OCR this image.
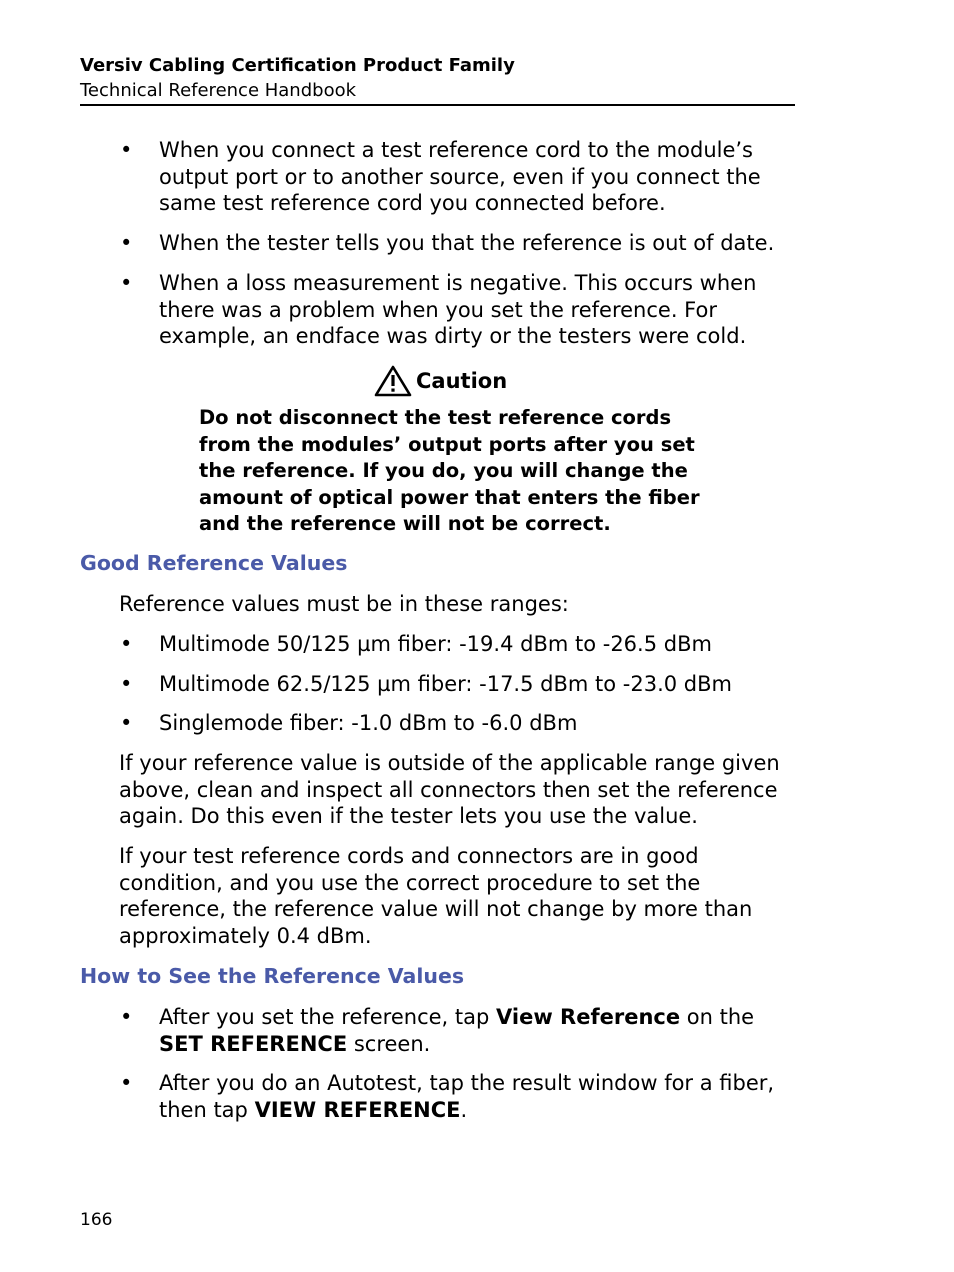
Versiv Cabling Certification Product Family
Technical Reference Handbook
•
When you connect a test reference cord to the module’s output port or to another source, even if you connect the same test reference cord you connected before.
•
When the tester tells you that the reference is out of date.
•
When a loss measurement is negative. This occurs when there was a problem when you set the reference. For example, an endface was dirty or the testers were cold.
Caution
Do not disconnect the test reference cords from the modules’ output ports after you set the reference. If you do, you will change the amount of optical power that enters the fiber and the reference will not be correct.
Good Reference Values
Reference values must be in these ranges:
•
Multimode 50/125 µm fiber: -19.4 dBm to -26.5 dBm
•
Multimode 62.5/125 µm fiber: -17.5 dBm to -23.0 dBm
•
Singlemode fiber: -1.0 dBm to -6.0 dBm
If your reference value is outside of the applicable range given above, clean and inspect all connectors then set the reference again. Do this even if the tester lets you use the value.
If your test reference cords and connectors are in good condition, and you use the correct procedure to set the reference, the reference value will not change by more than approximately 0.4 dBm.
How to See the Reference Values
•
After you set the reference, tap View Reference on the SET REFERENCE screen.
•
After you do an Autotest, tap the result window for a fiber, then tap VIEW REFERENCE.
166
